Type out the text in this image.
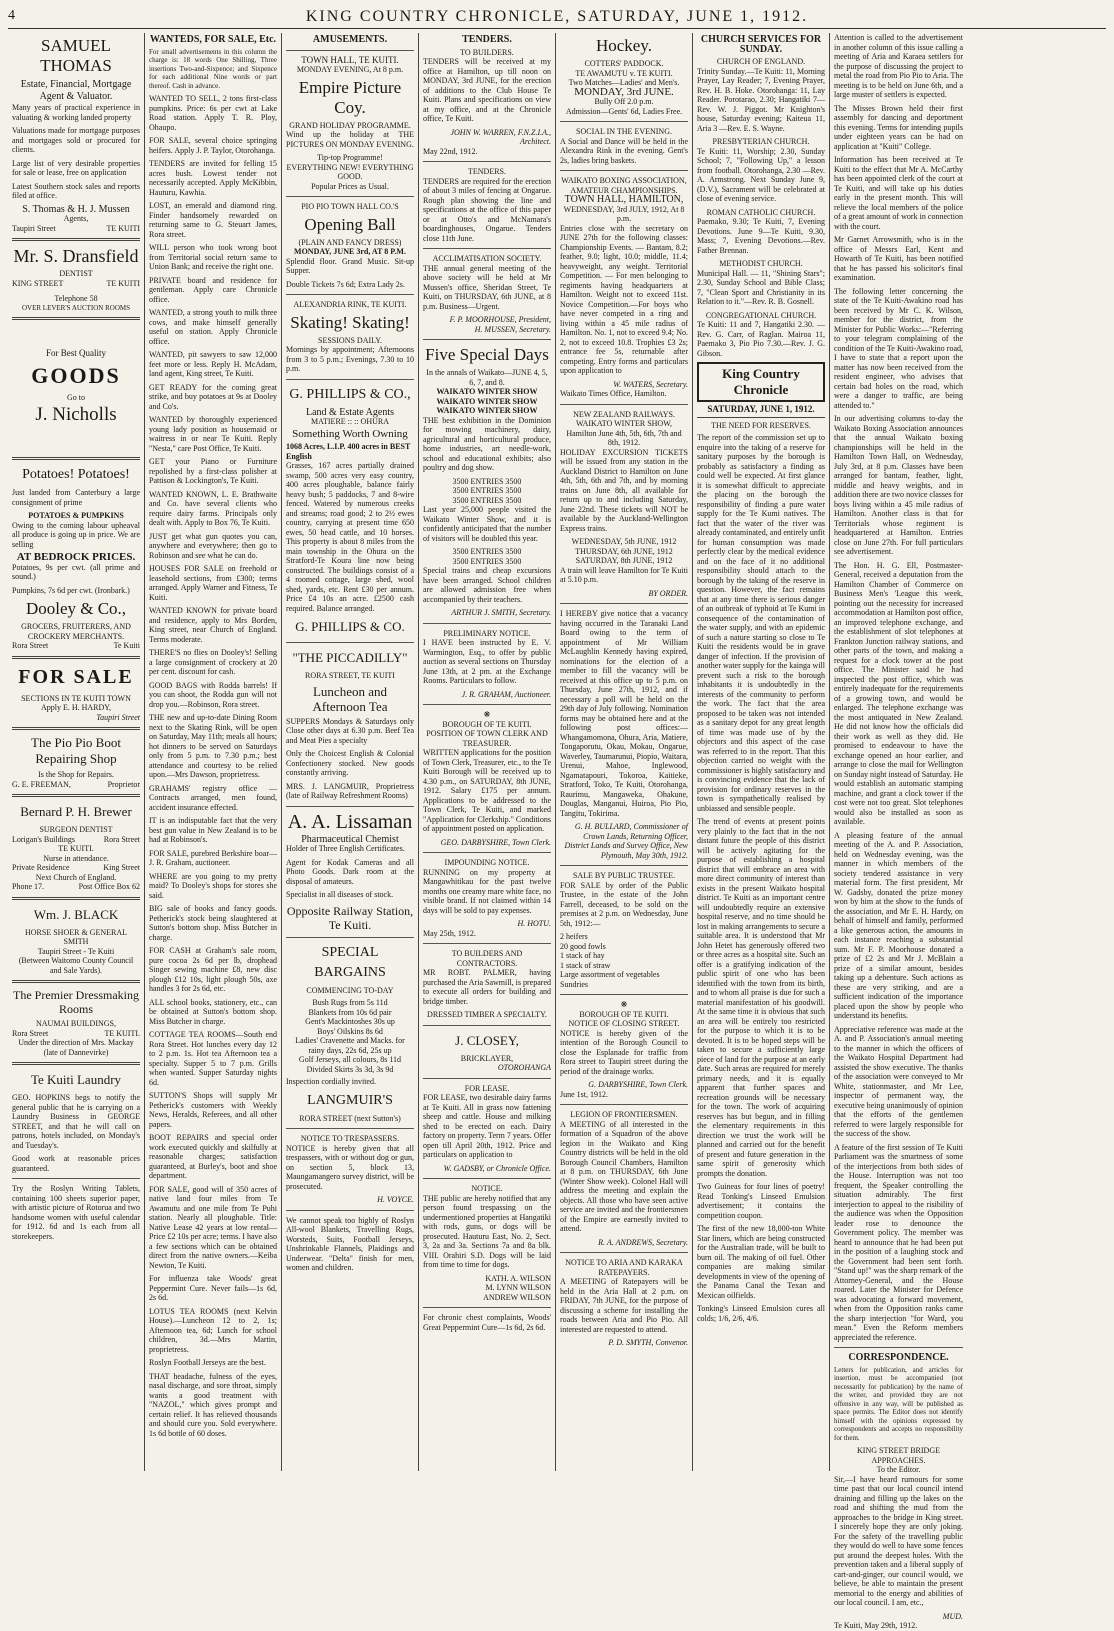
4	KING COUNTRY CHRONICLE, SATURDAY, JUNE 1, 1912.
SAMUEL THOMAS
Estate, Financial, Mortgage Agent & Valuator.

Many years of practical experience in valuating & working landed property

Valuations made for mortgage purposes and mortgages sold or procured for clients.

Large list of very desirable properties for sale or lease, free on application

Latest Southern stock sales and reports filed at office.

S. Thomas & H. J. Mussen
Agents,
Taupiri Street	TE KUITI
Mr. S. Dransfield
DENTIST
KING STREET	TE KUITI
Telephone 58
OVER LEVER'S AUCTION ROOMS
For Best Quality
GOODS
Go to
J. Nicholls
Potatoes! Potatoes!

Just landed from Canterbury a large consignment of prime

POTATOES & PUMPKINS

Owing to the coming labour upheaval all produce is going up in price. We are selling

AT BEDROCK PRICES.

Potatoes, 9s per cwt. (all prime and sound.)

Pumpkins, 7s 6d per cwt. (Ironbark.)

Dooley & Co.,
GROCERS, FRUITERERS, AND CROCKERY MERCHANTS.
Rora Street	Te Kuiti
FOR SALE
SECTIONS IN TE KUITI TOWN
Apply E. H. HARDY,
Taupiri Street
The Pio Pio Boot Repairing Shop
Is the Shop for Repairs.
G. E. FREEMAN,	Proprietor
Bernard P. H. Brewer
SURGEON DENTIST
Lorigan's Buildings	Rora Street
TE KUITI.
Nurse in attendance.
Private Residence	King Street
Next Church of England.
Phone 17.	Post Office Box 62
Wm. J. BLACK
HORSE SHOER & GENERAL SMITH
Taupiri Street - Te Kuiti
(Between Waitomo County Council and Sale Yards).
The Premier Dressmaking Rooms
NAUMAI BUILDINGS,
Rora Street	TE KUITI.
Under the direction of Mrs. Mackay (late of Dannevirke)
Te Kuiti Laundry

GEO. HOPKINS begs to notify the general public that he is carrying on a Laundry Business in GEORGE STREET, and that he will call on patrons, hotels included, on Monday's and Tuesday's.

Good work at reasonable prices guaranteed.

Try the Roslyn Writing Tablets, containing 100 sheets superior paper, with artistic picture of Rotorua and two handsome women with useful calendar for 1912. 6d and 1s each from all storekeepers.

WANTEDS, FOR SALE, Etc.

For small advertisements in this column the charge is: 18 words One Shilling, Three insertions Two-and-Sixpence; and Sixpence for each additional Nine words or part thereof. Cash in advance.

WANTED TO SELL, 2 tons first-class pumpkins. Price: 6s per cwt at Lake Road station. Apply T. R. Ploy, Ohaupo.

FOR SALE, several choice springing heifers. Apply J. P. Taylor, Otorohanga.

TENDERS are invited for felling 15 acres bush. Lowest tender not necessarily accepted. Apply McKibbin, Hauturu, Kawhia.

LOST, an emerald and diamond ring. Finder handsomely rewarded on returning same to G. Steuart James, Rora street.

WILL person who took wrong boot from Territorial social return same to Union Bank; and receive the right one.

PRIVATE board and residence for gentleman. Apply care Chronicle office.

WANTED, a strong youth to milk three cows, and make himself generally useful on station. Apply Chronicle office.

WANTED, pit sawyers to saw 12,000 feet more or less. Reply H. McAdam, land agent, King street, Te Kuiti.

GET READY for the coming great strike, and buy potatoes at 9s at Dooley and Co's.

WANTED by thoroughly experienced young lady position as housemaid or waitress in or near Te Kuiti. Reply "Nesta," care Post Office, Te Kuiti.

GET your Piano or Furniture repolished by a first-class polisher at Pattison & Lockington's, Te Kuiti.

WANTED KNOWN, L. E. Brathwaite and Co. have several clients who require dairy farms. Principals only dealt with. Apply to Box 76, Te Kuiti.

JUST get what gun quotes you can, anywhere and everywhere; then go to Robinson and see what he can do.

HOUSES FOR SALE on freehold or leasehold sections, from £300; terms arranged. Apply Warner and Fitness, Te Kuiti.

WANTED KNOWN for private board and residence, apply to Mrs Borden, King street, near Church of England. Terms moderate.

THERE'S no flies on Dooley's! Selling a large consignment of crockery at 20 per cent. discount for cash.

GOOD BAGS with Rodda barrels! If you can shoot, the Rodda gun will not drop you.—Robinson, Rora street.

THE new and up-to-date Dining Room next to the Skating Rink, will be open on Saturday, May 11th; meals all hours; hot dinners to be served on Saturdays only from 5 p.m. to 7.30 p.m.; best attendance and courtesy to be relied upon.—Mrs Dawson, proprietress.

GRAHAMS' registry office — Contracts arranged, men found, accident insurance effected.

IT is an indisputable fact that the very best gun value in New Zealand is to be had at Robinson's.

FOR SALE, purebred Berkshire boar—J. R. Graham, auctioneer.

WHERE are you going to my pretty maid? To Dooley's shops for stores she said.

BIG sale of books and fancy goods. Petherick's stock being slaughtered at Sutton's bottom shop. Miss Butcher in charge.

FOR CASH at Graham's sale room, pure cocoa 2s 6d per lb, drophead Singer sewing machine £8, new disc plough £12 10s, light plough 50s, axe handles 3 for 2s 6d, etc.

ALL school books, stationery, etc., can be obtained at Sutton's bottom shop. Miss Butcher in charge.

COTTAGE TEA ROOMS—South end Rora Street. Hot lunches every day 12 to 2 p.m. 1s. Hot tea Afternoon tea a specialty. Supper 5 to 7 p.m. Grills when wanted. Supper Saturday nights 6d.

SUTTON'S Shops will supply Mr Petherick's customers with Weekly News, Heralds, Referees, and all other papers.

BOOT REPAIRS and special order work executed quickly and skilfully at reasonable charges; satisfaction guaranteed, at Burley's, boot and shoe department.

FOR SALE, good will of 350 acres of native land four miles from Te Awamutu and one mile from Te Puhi station. Nearly all ploughable. Title: Native Lease 42 years at low rental—Price £2 10s per acre; terms. I have also a few sections which can be obtained direct from the native owners.—Keiba Newton, Te Kuiti.

For influenza take Woods' great Peppermint Cure. Never fails—1s 6d, 2s 6d.

LOTUS TEA ROOMS (next Kelvin House).—Luncheon 12 to 2, 1s; Afternoon tea, 6d; Lunch for school children, 3d.—Mrs Martin, proprietress.

Roslyn Football Jerseys are the best.

THAT headache, fulness of the eyes, nasal discharge, and sore throat, simply wants a good treatment with "NAZOL," which gives prompt and certain relief. It has relieved thousands and should cure you. Sold everywhere. 1s 6d bottle of 60 doses.

AMUSEMENTS.
TOWN HALL, TE KUITI.
MONDAY EVENING, At 8 p.m.
Empire Picture Coy.
GRAND HOLIDAY PROGRAMME.

Wind up the holiday at THE PICTURES ON MONDAY EVENING.

Tip-top Programme!
EVERYTHING NEW! EVERYTHING GOOD.
Popular Prices as Usual.
PIO PIO TOWN HALL CO.'S
Opening Ball
(PLAIN AND FANCY DRESS)
MONDAY, JUNE 3rd, AT 8 P.M.

Splendid floor. Grand Music. Sit-up Supper.

Double Tickets 7s 6d; Extra Lady 2s.

ALEXANDRIA RINK, TE KUITI.
Skating! Skating!
SESSIONS DAILY.

Mornings by appointment; Afternoons from 3 to 5 p.m.; Evenings, 7.30 to 10 p.m.

G. PHILLIPS & CO.,
Land & Estate Agents
MATIERE :: :: OHURA
Something Worth Owning
1068 Acres, L.I.P. 400 acres in BEST English

Grasses, 167 acres partially drained swamp, 500 acres very easy country, 400 acres ploughable, balance fairly heavy bush; 5 paddocks, 7 and 8-wire fenced. Watered by numerous creeks and streams; road good; 2 to 2½ ewes country, carrying at present time 650 ewes, 50 head cattle, and 10 horses. This property is about 8 miles from the main township in the Ohura on the Stratford-Te Koura line now being constructed. The buildings consist of a 4 roomed cottage, large shed, wool shed, yards, etc. Rent £30 per annum. Price £4 10s an acre. £2500 cash required. Balance arranged.

G. PHILLIPS & CO.
"THE PICCADILLY"
RORA STREET, TE KUITI
Luncheon and Afternoon Tea

SUPPERS Mondays & Saturdays only Close other days at 6.30 p.m. Beef Tea and Meat Pies a specialty

Only the Choicest English & Colonial Confectionery stocked. New goods constantly arriving.

MRS. J. LANGMUIR, Proprietress (late of Railway Refreshment Rooms)

A. A. Lissaman
Pharmaceutical Chemist

Holder of Three English Certificates.

Agent for Kodak Cameras and all Photo Goods. Dark room at the disposal of amateurs.

Specialist in all diseases of stock.

Opposite Railway Station, Te Kuiti.
SPECIAL BARGAINS
COMMENCING TO-DAY
Bush Rugs from 5s 11d
Blankets from 10s 6d pair
Gent's Mackintoshes 30s up
Boys' Oilskins 8s 6d
Ladies' Cravenette and Macks. for rainy days, 22s 6d, 25s up
Golf Jerseys, all colours, 8s 11d
Divided Skirts 3s 3d, 3s 9d

Inspection cordially invited.

LANGMUIR'S
RORA STREET (next Sutton's)
NOTICE TO TRESPASSERS.

NOTICE is hereby given that all trespassers, with or without dog or gun, on section 5, block 13, Maungamangero survey district, will be prosecuted.

H. VOYCE.

We cannot speak too highly of Roslyn All-wool Blankets, Travelling Rugs, Worsteds, Suits, Football Jerseys, Unshrinkable Flannels, Plaidings and Underwear. "Delta" finish for men, women and children.

TENDERS.
TO BUILDERS.

TENDERS will be received at my office at Hamilton, up till noon on MONDAY, 3rd JUNE, for the erection of additions to the Club House Te Kuiti. Plans and specifications on view at my office, and at the Chronicle office, Te Kuiti.

JOHN W. WARREN, F.N.Z.I.A., Architect.
May 22nd, 1912.
TENDERS.

TENDERS are required for the erection of about 3 miles of fencing at Ongarue. Rough plan showing the line and specifications at the office of this paper or at Otto's and McNamara's boardinghouses, Ongarue. Tenders close 11th June.

ACCLIMATISATION SOCIETY.

THE annual general meeting of the above society will be held at Mr Mussen's office, Sheridan Street, Te Kuiti, on THURSDAY, 6th JUNE, at 8 p.m. Business—Urgent.

F. P. MOORHOUSE, President,
H. MUSSEN, Secretary.
Five Special Days
In the annals of Waikato—JUNE 4, 5, 6, 7, and 8.
WAIKATO WINTER SHOW
WAIKATO WINTER SHOW
WAIKATO WINTER SHOW

THE best exhibition in the Dominion for mowing machinery, dairy, agricultural and horticultural produce, home industries, art needle-work, school and educational exhibits; also poultry and dog show.

3500 ENTRIES 3500
3500 ENTRIES 3500
3500 ENTRIES 3500

Last year 25,000 people visited the Waikato Winter Show, and it is confidently anticipated that the number of visitors will be doubled this year.

3500 ENTRIES 3500
3500 ENTRIES 3500

Special trains and cheap excursions have been arranged. School children are allowed admission free when accompanied by their teachers.

ARTHUR J. SMITH, Secretary.
PRELIMINARY NOTICE.

I HAVE been instructed by E. V. Warmington, Esq., to offer by public auction as several sections on Thursday June 13th, at 2 pm. at the Exchange Rooms. Particulars to follow.

J. R. GRAHAM, Auctioneer.
❋
BOROUGH OF TE KUITI.
POSITION OF TOWN CLERK AND TREASURER.

WRITTEN applications for the position of Town Clerk, Treasurer, etc., to the Te Kuiti Borough will be received up to 4.30 p.m., on SATURDAY, 8th JUNE, 1912. Salary £175 per annum. Applications to be addressed to the Town Clerk, Te Kuiti, and marked "Application for Clerkship." Conditions of appointment posted on application.

GEO. DARBYSHIRE, Town Clerk.
IMPOUNDING NOTICE.

RUNNING on my property at Mangawhitikau for the past twelve months one creamy mare white face, no visible brand. If not claimed within 14 days will be sold to pay expenses.

H. HOTU.
May 25th, 1912.
TO BUILDERS AND CONTRACTORS.

MR ROBT. PALMER, having purchased the Aria Sawmill, is prepared to execute all orders for building and bridge timber.

DRESSED TIMBER A SPECIALTY.
J. CLOSEY,
BRICKLAYER,
OTOROHANGA
FOR LEASE.

FOR LEASE, two desirable dairy farms at Te Kuiti. All in grass now fattening sheep and cattle. House and milking shed to be erected on each. Dairy factory on property. Term 7 years. Offer open till April 20th, 1912. Price and particulars on application to

W. GADSBY, or Chronicle Office.
NOTICE.

THE public are hereby notified that any person found trespassing on the undermentioned properties at Hangatiki with rods, guns, or dogs will be prosecuted. Hauturu East, No. 2, Sect. 3, 2a and 3a. Sections 7a and 8a blk. VIII. Orahiri S.D. Dogs will be laid from time to time for dogs.

KATH. A. WILSON
M. LYNN WILSON
ANDREW WILSON

For chronic chest complaints, Woods' Great Peppermint Cure—1s 6d, 2s 6d.

Hockey.
COTTERS' PADDOCK.
TE AWAMUTU v. TE KUITI.
Two Matches—Ladies' and Men's.
MONDAY, 3rd JUNE.
Bully Off 2.0 p.m.
Admission—Gents' 6d, Ladies Free.
SOCIAL IN THE EVENING.

A Social and Dance will be held in the Alexandra Rink in the evening. Gent's 2s, ladies bring baskets.

WAIKATO BOXING ASSOCIATION,
AMATEUR CHAMPIONSHIPS.
TOWN HALL, HAMILTON,
WEDNESDAY, 3rd JULY, 1912, At 8 p.m.

Entries close with the secretary on JUNE 27th for the following classes: Championship Events. — Bantam, 8.2; feather, 9.0; light, 10.0; middle, 11.4; heavyweight, any weight. Territorial Competition. — For men belonging to regiments having headquarters at Hamilton. Weight not to exceed 11st. Novice Competition.—For boys who have never competed in a ring and living within a 45 mile radius of Hamilton. No. 1, not to exceed 9.4; No. 2, not to exceed 10.8. Trophies £3 2s; entrance fee 5s, returnable after competing. Entry forms and particulars upon application to

W. WATERS, Secretary.
Waikato Times Office, Hamilton.
NEW ZEALAND RAILWAYS.
WAIKATO WINTER SHOW,
Hamilton June 4th, 5th, 6th, 7th and 8th, 1912.

HOLIDAY EXCURSION TICKETS will be issued from any station in the Auckland District to Hamilton on June 4th, 5th, 6th and 7th, and by morning trains on June 8th, all available for return up to and including Saturday, June 22nd. These tickets will NOT be available by the Auckland-Wellington Express trains.

WEDNESDAY, 5th JUNE, 1912
THURSDAY, 6th JUNE, 1912
SATURDAY, 8th JUNE, 1912

A train will leave Hamilton for Te Kuiti at 5.10 p.m.

BY ORDER.

I HEREBY give notice that a vacancy having occurred in the Taranaki Land Board owing to the term of appointment of Mr William McLaughlin Kennedy having expired, nominations for the election of a member to fill the vacancy will be received at this office up to 5 p.m. on Thursday, June 27th, 1912, and if necessary a poll will be held on the 29th day of July following. Nomination forms may be obtained here and at the following post offices:—Whangamomona, Ohura, Aria, Matiere, Tongaporutu, Okau, Mokau, Ongarue, Waverley, Taumarunui, Piopio, Waitara, Urenui, Mahoe, Inglewood, Ngamatapouri, Tokoroa, Kaitieke, Stratford, Toko, Te Kuiti, Otorohanga, Raurimu, Mangaweka, Ohakune, Douglas, Manganui, Huiroa, Pio Pio, Tangitu, Tokirima.

G. H. BULLARD, Commissioner of Crown Lands, Returning Officer, District Lands and Survey Office, New Plymouth, May 30th, 1912.
SALE BY PUBLIC TRUSTEE.

FOR SALE by order of the Public Trustee, in the estate of the John Farrell, deceased, to be sold on the premises at 2 p.m. on Wednesday, June 5th, 1912:—

2 heifers
20 good fowls
1 stack of hay
1 stack of straw
Large assortment of vegetables
Sundries
❋
BOROUGH OF TE KUITI.
NOTICE OF CLOSING STREET.

NOTICE is hereby given of the intention of the Borough Council to close the Esplanade for traffic from Rora street to Taupiri street during the period of the drainage works.

G. DARBYSHIRE, Town Clerk.
June 1st, 1912.
LEGION OF FRONTIERSMEN.

A MEETING of all interested in the formation of a Squadron of the above legion in the Waikato and King Country districts will be held in the old Borough Council Chambers, Hamilton at 8 p.m. on THURSDAY, 6th June (Winter Show week). Colonel Hall will address the meeting and explain the objects. All those who have seen active service are invited and the frontiersmen of the Empire are earnestly invited to attend.

R. A. ANDREWS, Secretary.
NOTICE TO ARIA AND KARAKA RATEPAYERS.

A MEETING of Ratepayers will be held in the Aria Hall at 2 p.m. on FRIDAY, 7th JUNE, for the purpose of discussing a scheme for installing the roads between Aria and Pio Pio. All interested are requested to attend.

P. D. SMYTH, Convenor.
CHURCH SERVICES FOR SUNDAY.
CHURCH OF ENGLAND.

Trinity Sunday.—Te Kuiti: 11, Morning Prayer, Lay Reader; 7, Evening Prayer, Rev. H. B. Hoke. Otorohanga: 11, Lay Reader. Porotarao, 2.30; Hangatiki 7—Rev. W. J. Piggot. Mr Knighton's house, Saturday evening; Kaiteua 11, Aria 3 —Rev. E. S. Wayne.

PRESBYTERIAN CHURCH.

Te Kuiti: 11, Worship; 2.30, Sunday School; 7, "Following Up," a lesson from football. Otorohanga, 2.30 —Rev. A. Armstrong. Next Sunday June 9, (D.V.), Sacrament will be celebrated at close of evening service.

ROMAN CATHOLIC CHURCH.

Paemako, 9.30; Te Kuiti, 7, Evening Devotions. June 9—Te Kuiti, 9.30, Mass; 7, Evening Devotions.—Rev. Father Brennan.

METHODIST CHURCH.

Municipal Hall. — 11, "Shining Stars"; 2.30, Sunday School and Bible Class; 7, "Clean Sport and Christianity in its Relation to it."—Rev. R. B. Gosnell.

CONGREGATIONAL CHURCH.

Te Kuiti: 11 and 7, Hangatiki 2.30. —Rev. G. Carr, of Raglan. Mairoa 11, Paemako 3, Pio Pio 7.30.—Rev. J. G. Gibson.

King Country Chronicle
SATURDAY, JUNE 1, 1912.
THE NEED FOR RESERVES.

The report of the commission set up to enquire into the taking of a reserve for sanitary purposes by the borough is probably as satisfactory a finding as could well be expected. At first glance it is somewhat difficult to appreciate the placing on the borough the responsibility of finding a pure water supply for the Te Kumi natives. The fact that the water of the river was already contaminated, and entirely unfit for human consumption was made perfectly clear by the medical evidence and on the face of it no additional responsibility should attach to the borough by the taking of the reserve in question. However, the fact remains that at any time there is serious danger of an outbreak of typhoid at Te Kumi in consequence of the contamination of the water supply, and with an epidemic of such a nature starting so close to Te Kuiti the residents would be in grave danger of infection. If the provision of another water supply for the kainga will prevent such a risk to the borough inhabitants it is undoubtedly in the interests of the community to perform the work. The fact that the area proposed to be taken was not intended as a sanitary depot for any great length of time was made use of by the objectors and this aspect of the case was referred to in the report. That this objection carried no weight with the commissioner is highly satisfactory and is convincing evidence that the lack of provision for ordinary reserves in the town is sympathetically realised by unbiassed and sensible people.

The trend of events at present points very plainly to the fact that in the not distant future the people of this district will be actively agitating for the purpose of establishing a hospital district that will embrace an area with more direct community of interest than exists in the present Waikato hospital district. Te Kuiti as an important centre will undoubtedly require an extensive hospital reserve, and no time should be lost in making arrangements to secure a suitable area. It is understood that Mr John Hetet has generously offered two or three acres as a hospital site. Such an offer is a gratifying indication of the public spirit of one who has been identified with the town from its birth, and to whom all praise is due for such a material manifestation of his goodwill. At the same time it is obvious that such an area will be entirely too restricted for the purpose to which it is to be devoted. It is to be hoped steps will be taken to secure a sufficiently large piece of land for the purpose at an early date. Such areas are required for merely primary needs, and it is equally apparent that further spaces and recreation grounds will be necessary for the town. The work of acquiring reserves has but begun, and in filling the elementary requirements in this direction we trust the work will be planned and carried out for the benefit of present and future generation in the same spirit of generosity which prompts the donation.

Two Guineas for four lines of poetry! Read Tonking's Linseed Emulsion advertisement; it contains the competition coupon.

The first of the new 18,000-ton White Star liners, which are being constructed for the Australian trade, will be built to burn oil. The making of oil fuel. Other companies are making similar developments in view of the opening of the Panama Canal the Texan and Mexican oilfields.

Tonking's Linseed Emulsion cures all colds; 1/6, 2/6, 4/6.

Attention is called to the advertisement in another column of this issue calling a meeting of Aria and Karaea settlers for the purpose of discussing the project to metal the road from Pio Pio to Aria. The meeting is to be held on June 6th, and a large muster of settlers is expected.

The Misses Brown held their first assembly for dancing and deportment this evening. Terms for intending pupils under eighteen years can be had on application at "Kuiti" College.

Information has been received at Te Kuiti to the effect that Mr A. McCarthy has been appointed clerk of the court at Te Kuiti, and will take up his duties early in the present month. This will relieve the local members of the police of a great amount of work in connection with the court.

Mr Garnet Arrowsmith, who is in the office of Messrs Earl, Kent and Howarth of Te Kuiti, has been notified that he has passed his solicitor's final examination.

The following letter concerning the state of the Te Kuiti-Awakino road has been received by Mr C. K. Wilson, member for the district, from the Minister for Public Works:—"Referring to your telegram complaining of the condition of the Te Kuiti-Awakino road, I have to state that a report upon the matter has now been received from the resident engineer, who advises that certain bad holes on the road, which were a danger to traffic, are being attended to."

In our advertising columns to-day the Waikato Boxing Association announces that the annual Waikato boxing championships will be held in the Hamilton Town Hall, on Wednesday, July 3rd, at 8 p.m. Classes have been arranged for bantam, feather, light, middle and heavy weights, and in addition there are two novice classes for boys living within a 45 mile radius of Hamilton. Another class is that for Territorials whose regiment is headquartered at Hamilton. Entries close on June 27th. For full particulars see advertisement.

The Hon. H. G. Ell, Postmaster-General, received a deputation from the Hamilton Chamber of Commerce on Business Men's 'League this week, pointing out the necessity for increased accommodation at Hamilton post office, an improved telephone exchange, and the establishment of slot telephones at Frankton Junction railway stations, and other parts of the town, and making a request for a clock tower at the post office. The Minister said he had inspected the post office, which was entirely inadequate for the requirements of a growing town, and would be enlarged. The telephone exchange was the most antiquated in New Zealand. He did not know how the officials did their work as well as they did. He promised to endeavour to have the exchange opened an hour earlier, and arrange to close the mail for Wellington on Sunday night instead of Saturday. He would establish an automatic stamping machine, and grant a clock tower if the cost were not too great. Slot telephones would also be installed as soon as available.

A pleasing feature of the annual meeting of the A. and P. Association, held on Wednesday evening, was the manner in which members of the society tendered assistance in very material form. The first president, Mr W. Gadsby, donated the prize money won by him at the show to the funds of the association, and Mr E. H. Hardy, on behalf of himself and family, performed a like generous action, the amounts in each instance reaching a substantial sum. Mr F. P. Moorhouse donated a prize of £2 2s and Mr J. McBlain a prize of a similar amount, besides taking up a debenture. Such actions as these are very striking, and are a sufficient indication of the importance placed upon the show by people who understand its benefits.

Appreciative reference was made at the A. and P. Association's annual meeting to the manner in which the officers of the Waikato Hospital Department had assisted the show executive. The thanks of the association were conveyed to Mr White, stationmaster, and Mr Lee, inspector of permanent way, the executive being unanimously of opinion that the efforts of the gentlemen referred to were largely responsible for the success of the show.

A feature of the first session of Te Kuiti Parliament was the smartness of some of the interjections from both sides of the House. Interruption was not too frequent, the Speaker controlling the situation admirably. The first interjection to appeal to the risibility of the audience was when the Opposition leader rose to denounce the Government policy. The member was heard to announce that he had been put in the position of a laughing stock and the Government had been sent forth. "Stand up!" was the sharp remark of the Attorney-General, and the House roared. Later the Minister for Defence was advocating a forward movement, when from the Opposition ranks came the sharp interjection "for Ward, you mean." Even the Reform members appreciated the reference.

CORRESPONDENCE.

Letters for publication, and articles for insertion, must be accompanied (not necessarily for publication) by the name of the writer, and provided they are not offensive in any way, will be published as space permits. The Editor does not identify himself with the opinions expressed by correspondents and accepts no responsibility for them.

KING STREET BRIDGE APPROACHES.
To the Editor.

Sir,—I have heard rumours for some time past that our local council intend draining and filling up the lakes on the road and shifting the mud from the approaches to the bridge in King street. I sincerely hope they are only joking. For the safety of the travelling public they would do well to have some fences put around the deepest holes. With the prevention taken and a liberal supply of cart-and-ginger, our council would, we believe, be able to maintain the present memorial to the energy and abilities of our local council. I am, etc.,

MUD.
Te Kuiti, May 29th, 1912.
